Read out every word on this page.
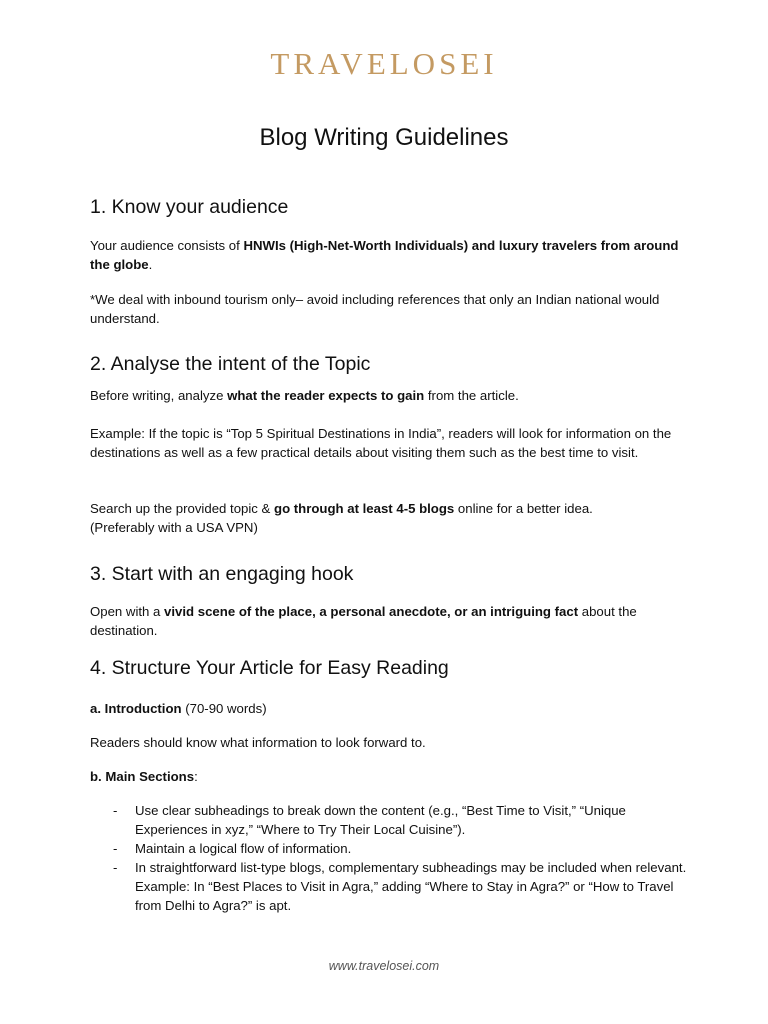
TRAVELOSEI
Blog Writing Guidelines
1. Know your audience
Your audience consists of HNWIs (High-Net-Worth Individuals) and luxury travelers from around the globe.
*We deal with inbound tourism only– avoid including references that only an Indian national would understand.
2. Analyse the intent of the Topic
Before writing, analyze what the reader expects to gain from the article.
Example: If the topic is “Top 5 Spiritual Destinations in India”, readers will look for information on the destinations as well as a few practical details about visiting them such as the best time to visit.
Search up the provided topic & go through at least 4-5 blogs online for a better idea.
(Preferably with a USA VPN)
3. Start with an engaging hook
Open with a vivid scene of the place, a personal anecdote, or an intriguing fact about the destination.
4. Structure Your Article for Easy Reading
a. Introduction (70-90 words)
Readers should know what information to look forward to.
b. Main Sections:
- Use clear subheadings to break down the content (e.g., “Best Time to Visit,” “Unique Experiences in xyz,” “Where to Try Their Local Cuisine”).
- Maintain a logical flow of information.
- In straightforward list-type blogs, complementary subheadings may be included when relevant. Example: In “Best Places to Visit in Agra,” adding “Where to Stay in Agra?” or “How to Travel from Delhi to Agra?” is apt.
www.travelosei.com
